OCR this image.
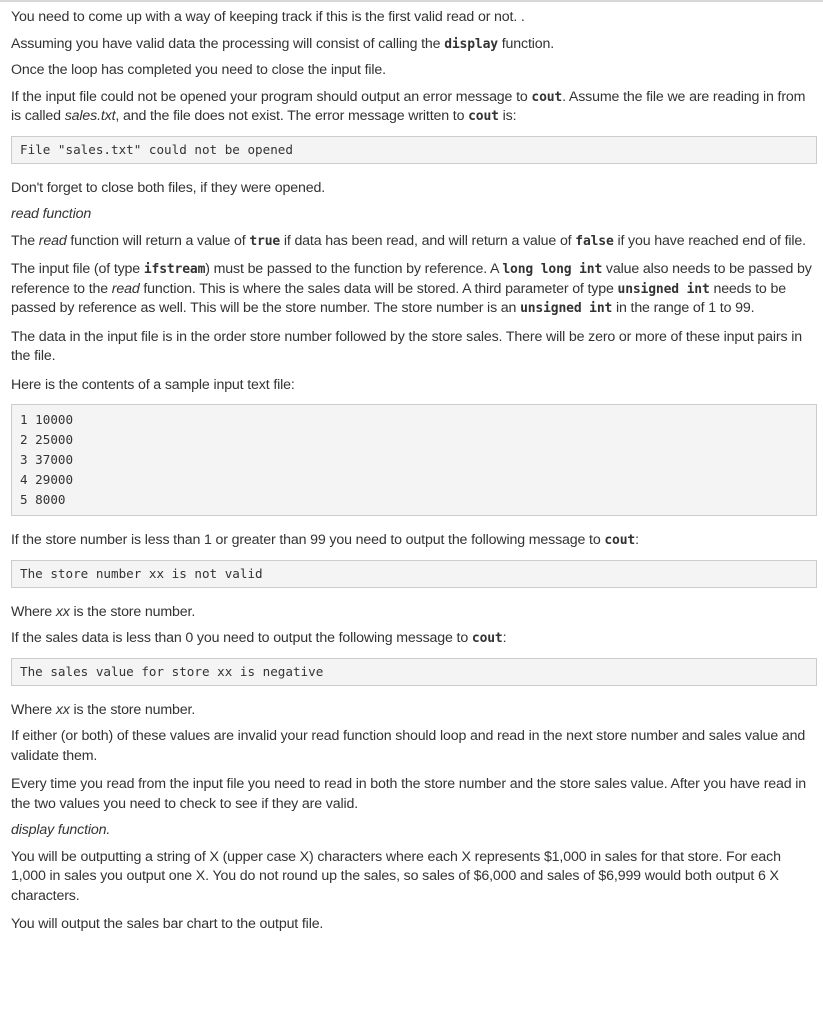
You need to come up with a way of keeping track if this is the first valid read or not. .

Assuming you have valid data the processing will consist of calling the display function.

Once the loop has completed you need to close the input file.

If the input file could not be opened your program should output an error message to cout. Assume the file we are reading in from is called sales.txt, and the file does not exist. The error message written to cout is:

File "sales.txt" could not be opened

Don't forget to close both files, if they were opened.

read function

The read function will return a value of true if data has been read, and will return a value of false if you have reached end of file.

The input file (of type ifstream) must be passed to the function by reference. A long long int value also needs to be passed by reference to the read function. This is where the sales data will be stored. A third parameter of type unsigned int needs to be passed by reference as well. This will be the store number. The store number is an unsigned int in the range of 1 to 99.

The data in the input file is in the order store number followed by the store sales. There will be zero or more of these input pairs in the file.

Here is the contents of a sample input text file:

1 10000
2 25000
3 37000
4 29000
5 8000

If the store number is less than 1 or greater than 99 you need to output the following message to cout:

The store number xx is not valid

Where xx is the store number.

If the sales data is less than 0 you need to output the following message to cout:

The sales value for store xx is negative

Where xx is the store number.

If either (or both) of these values are invalid your read function should loop and read in the next store number and sales value and validate them.

Every time you read from the input file you need to read in both the store number and the store sales value. After you have read in the two values you need to check to see if they are valid.

display function.

You will be outputting a string of X (upper case X) characters where each X represents $1,000 in sales for that store. For each 1,000 in sales you output one X. You do not round up the sales, so sales of $6,000 and sales of $6,999 would both output 6 X characters.

You will output the sales bar chart to the output file.
